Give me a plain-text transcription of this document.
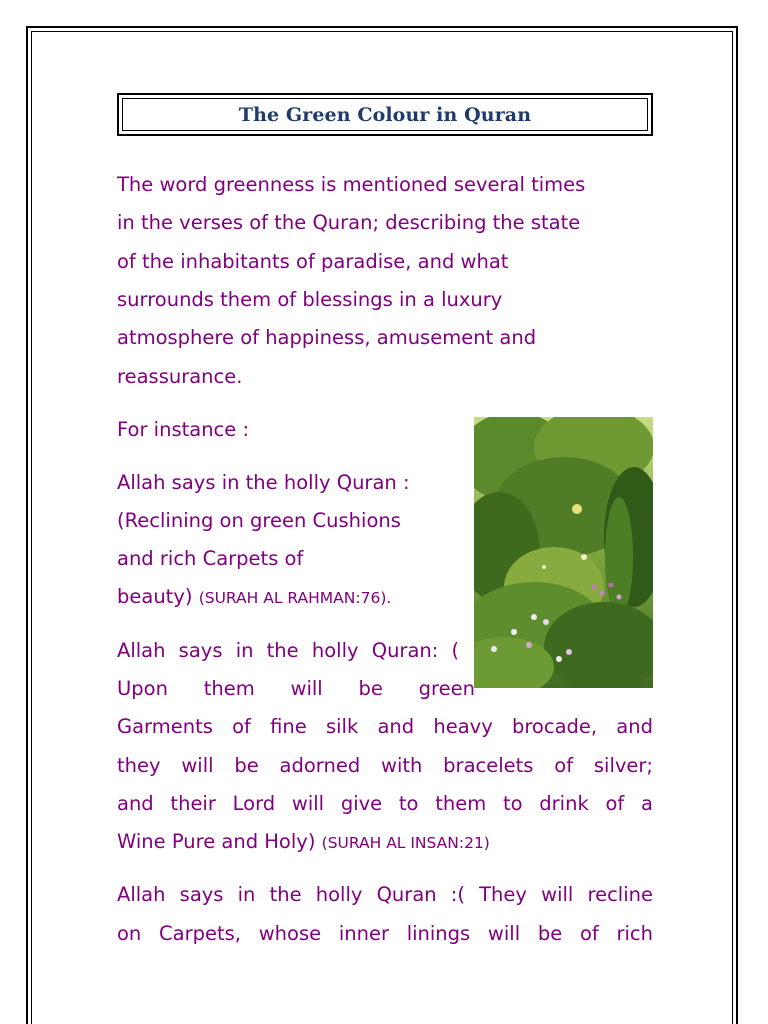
The Green Colour in Quran

The word greenness is mentioned several times

in the verses of the Quran; describing the state

of the inhabitants of paradise, and what

surrounds them of blessings in a luxury

atmosphere of happiness, amusement and

reassurance.

For instance :

Allah says in the holly Quran :

(Reclining on green Cushions

and rich Carpets of

beauty) (SURAH AL RAHMAN:76).

Allah says in the holly Quran: (

Upon them will be green

Garments of fine silk and heavy brocade, and

they will be adorned with bracelets of silver;

and their Lord will give to them to drink of a

Wine Pure and Holy) (SURAH AL INSAN:21)

Allah says in the holly Quran :( They will recline

on Carpets, whose inner linings will be of rich
